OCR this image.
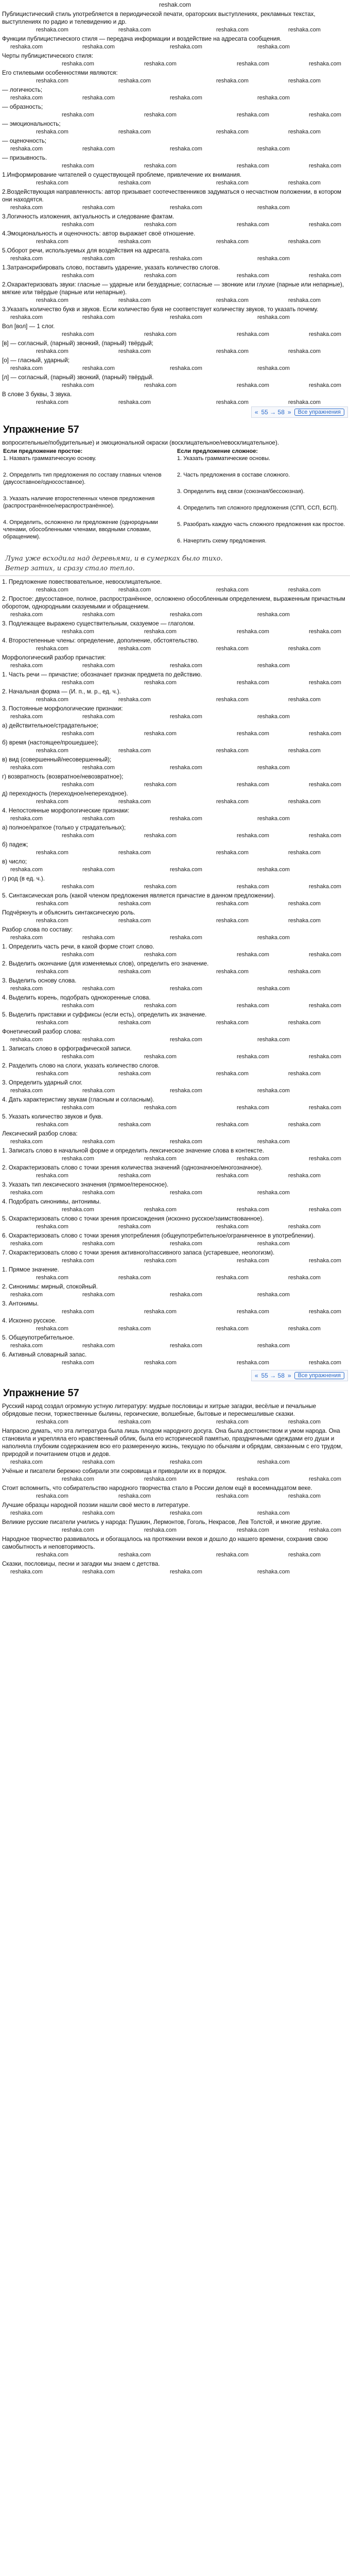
reshak.com
Публицистический стиль употребляется в периодической печати, ораторских выступлениях, рекламных текстах, выступлениях по радио и телевидению и др.
reshaka.com	reshaka.com	reshaka.com	reshaka.com
Функции публицистического стиля — передача информации и воздействие на адресата сообщения.
reshaka.com	reshaka.com	reshaka.com	reshaka.com
Черты публицистического стиля:
reshaka.com	reshaka.com	reshaka.com	reshaka.com
Его стилевыми особенностями являются:
reshaka.com	reshaka.com	reshaka.com	reshaka.com
— логичность;
reshaka.com	reshaka.com	reshaka.com	reshaka.com
— образность;
reshaka.com	reshaka.com	reshaka.com	reshaka.com
— эмоциональность;
reshaka.com	reshaka.com	reshaka.com	reshaka.com
— оценочность;
reshaka.com	reshaka.com	reshaka.com	reshaka.com
— призывность.
reshaka.com	reshaka.com	reshaka.com	reshaka.com
1.Информирование читателей о существующей проблеме, привлечение их внимания.
reshaka.com	reshaka.com	reshaka.com	reshaka.com
2.Воздействующая направленность: автор призывает соотечественников задуматься о несчастном положении, в котором они находятся.
reshaka.com	reshaka.com	reshaka.com	reshaka.com
3.Логичность изложения, актуальность и следование фактам.
reshaka.com	reshaka.com	reshaka.com	reshaka.com
4.Эмоциональность и оценочность: автор выражает своё отношение.
reshaka.com	reshaka.com	reshaka.com	reshaka.com
5.Оборот речи, используемых для воздействия на адресата.
reshaka.com	reshaka.com	reshaka.com	reshaka.com
1.Затранскрибировать слово, поставить ударение, указать количество слогов.
reshaka.com	reshaka.com	reshaka.com	reshaka.com
2.Охарактеризовать звуки: гласные — ударные или безударные; согласные — звонкие или глухие (парные или непарные), мягкие или твёрдые (парные или непарные).
reshaka.com	reshaka.com	reshaka.com	reshaka.com
3.Указать количество букв и звуков. Если количество букв не соответствует количеству звуков, то указать почему.
reshaka.com	reshaka.com	reshaka.com	reshaka.com
Вол [вол] — 1 слог.
reshaka.com	reshaka.com	reshaka.com	reshaka.com
[в] — согласный, (парный) звонкий, (парный) твёрдый;
reshaka.com	reshaka.com	reshaka.com	reshaka.com
[о] — гласный, ударный;
reshaka.com	reshaka.com	reshaka.com	reshaka.com
[л] — согласный, (парный) звонкий, (парный) твёрдый.
reshaka.com	reshaka.com	reshaka.com	reshaka.com
В слове 3 буквы, 3 звука.
reshaka.com	reshaka.com	reshaka.com	reshaka.com
« 55 → 58 »	Все упражнения
Упражнение 57
вопросительные/побудительные) и эмоциональной окраски (восклицательное/невосклицательное).
Если предложение простое:
1. Назвать грамматическую основу.
2. Определить тип предложения по составу главных членов (двусоставное/односоставное).
3. Указать наличие второстепенных членов предложения (распространённое/нераспространённое).
4. Определить, осложнено ли предложение (однородными членами, обособленными членами, вводными словами, обращением).
Если предложение сложное:
1. Указать грамматические основы.
2. Часть предложения в составе сложного.
3. Определить вид связи (союзная/бессоюзная).
4. Определить тип сложного предложения (СПП, ССП, БСП).
5. Разобрать каждую часть сложного предложения как простое.
6. Начертить схему предложения.
Луна уже всходила над деревьями, и в сумерках было тихо.
Ветер затих, и сразу стало тепло.
1. Предложение повествовательное, невосклицательное.
reshaka.com	reshaka.com	reshaka.com	reshaka.com
2. Простое: двусоставное, полное, распространённое, осложнено обособленным определением, выраженным причастным оборотом, однородными сказуемыми и обращением.
reshaka.com	reshaka.com	reshaka.com	reshaka.com
3. Подлежащее выражено существительным, сказуемое — глаголом.
reshaka.com	reshaka.com	reshaka.com	reshaka.com
4. Второстепенные члены: определение, дополнение, обстоятельство.
reshaka.com	reshaka.com	reshaka.com	reshaka.com
Морфологический разбор причастия:
reshaka.com	reshaka.com	reshaka.com	reshaka.com
1. Часть речи — причастие; обозначает признак предмета по действию.
reshaka.com	reshaka.com	reshaka.com	reshaka.com
2. Начальная форма — (И. п., м. р., ед. ч.).
reshaka.com	reshaka.com	reshaka.com	reshaka.com
3. Постоянные морфологические признаки:
reshaka.com	reshaka.com	reshaka.com	reshaka.com
а) действительное/страдательное;
reshaka.com	reshaka.com	reshaka.com	reshaka.com
б) время (настоящее/прошедшее);
reshaka.com	reshaka.com	reshaka.com	reshaka.com
в) вид (совершенный/несовершенный);
reshaka.com	reshaka.com	reshaka.com	reshaka.com
г) возвратность (возвратное/невозвратное);
reshaka.com	reshaka.com	reshaka.com	reshaka.com
д) переходность (переходное/непереходное).
reshaka.com	reshaka.com	reshaka.com	reshaka.com
4. Непостоянные морфологические признаки:
reshaka.com	reshaka.com	reshaka.com	reshaka.com
а) полное/краткое (только у страдательных);
reshaka.com	reshaka.com	reshaka.com	reshaka.com
б) падеж;
reshaka.com	reshaka.com	reshaka.com	reshaka.com
в) число;
reshaka.com	reshaka.com	reshaka.com	reshaka.com
г) род (в ед. ч.).
reshaka.com	reshaka.com	reshaka.com	reshaka.com
5. Синтаксическая роль (какой членом предложения является причастие в данном предложении).
reshaka.com	reshaka.com	reshaka.com	reshaka.com
Подчёркнуть и объяснить синтаксическую роль.
reshaka.com	reshaka.com	reshaka.com	reshaka.com
Разбор слова по составу:
reshaka.com	reshaka.com	reshaka.com	reshaka.com
1. Определить часть речи, в какой форме стоит слово.
reshaka.com	reshaka.com	reshaka.com	reshaka.com
2. Выделить окончание (для изменяемых слов), определить его значение.
reshaka.com	reshaka.com	reshaka.com	reshaka.com
3. Выделить основу слова.
reshaka.com	reshaka.com	reshaka.com	reshaka.com
4. Выделить корень, подобрать однокоренные слова.
reshaka.com	reshaka.com	reshaka.com	reshaka.com
5. Выделить приставки и суффиксы (если есть), определить их значение.
reshaka.com	reshaka.com	reshaka.com	reshaka.com
Фонетический разбор слова:
reshaka.com	reshaka.com	reshaka.com	reshaka.com
1. Записать слово в орфографической записи.
reshaka.com	reshaka.com	reshaka.com	reshaka.com
2. Разделить слово на слоги, указать количество слогов.
reshaka.com	reshaka.com	reshaka.com	reshaka.com
3. Определить ударный слог.
reshaka.com	reshaka.com	reshaka.com	reshaka.com
4. Дать характеристику звукам (гласным и согласным).
reshaka.com	reshaka.com	reshaka.com	reshaka.com
5. Указать количество звуков и букв.
reshaka.com	reshaka.com	reshaka.com	reshaka.com
Лексический разбор слова:
reshaka.com	reshaka.com	reshaka.com	reshaka.com
1. Записать слово в начальной форме и определить лексическое значение слова в контексте.
reshaka.com	reshaka.com	reshaka.com	reshaka.com
2. Охарактеризовать слово с точки зрения количества значений (однозначное/многозначное).
reshaka.com	reshaka.com	reshaka.com	reshaka.com
3. Указать тип лексического значения (прямое/переносное).
reshaka.com	reshaka.com	reshaka.com	reshaka.com
4. Подобрать синонимы, антонимы.
reshaka.com	reshaka.com	reshaka.com	reshaka.com
5. Охарактеризовать слово с точки зрения происхождения (исконно русское/заимствованное).
reshaka.com	reshaka.com	reshaka.com	reshaka.com
6. Охарактеризовать слово с точки зрения употребления (общеупотребительное/ограниченное в употреблении).
reshaka.com	reshaka.com	reshaka.com	reshaka.com
7. Охарактеризовать слово с точки зрения активного/пассивного запаса (устаревшее, неологизм).
reshaka.com	reshaka.com	reshaka.com	reshaka.com
1. Прямое значение.
reshaka.com	reshaka.com	reshaka.com	reshaka.com
2. Синонимы: мирный, спокойный.
reshaka.com	reshaka.com	reshaka.com	reshaka.com
3. Антонимы.
reshaka.com	reshaka.com	reshaka.com	reshaka.com
4. Исконно русское.
reshaka.com	reshaka.com	reshaka.com	reshaka.com
5. Общеупотребительное.
reshaka.com	reshaka.com	reshaka.com	reshaka.com
6. Активный словарный запас.
reshaka.com	reshaka.com	reshaka.com	reshaka.com
« 55 → 58 »	Все упражнения
Упражнение 57
Русский народ создал огромную устную литературу: мудрые пословицы и хитрые загадки, весёлые и печальные обрядовые песни, торжественные былины, героические, волшебные, бытовые и пересмешливые сказки.
reshaka.com	reshaka.com	reshaka.com	reshaka.com
Напрасно думать, что эта литература была лишь плодом народного досуга. Она была достоинством и умом народа. Она становила и укрепляла его нравственный облик, была его исторической памятью, праздничными одеждами его души и наполняла глубоким содержанием всю его размеренную жизнь, текущую по обычаям и обрядам, связанным с его трудом, природой и почитанием отцов и дедов.
reshaka.com	reshaka.com	reshaka.com	reshaka.com
Учёные и писатели бережно собирали эти сокровища и приводили их в порядок.
reshaka.com	reshaka.com	reshaka.com	reshaka.com
Стоит вспомнить, что собирательство народного творчества стало в России делом ещё в восемнадцатом веке.
reshaka.com	reshaka.com	reshaka.com	reshaka.com
Лучшие образцы народной поэзии нашли своё место в литературе.
reshaka.com	reshaka.com	reshaka.com	reshaka.com
Великие русские писатели учились у народа: Пушкин, Лермонтов, Гоголь, Некрасов, Лев Толстой, и многие другие.
reshaka.com	reshaka.com	reshaka.com	reshaka.com
Народное творчество развивалось и обогащалось на протяжении веков и дошло до нашего времени, сохранив свою самобытность и неповторимость.
reshaka.com	reshaka.com	reshaka.com	reshaka.com
Сказки, пословицы, песни и загадки мы знаем с детства.
reshaka.com	reshaka.com	reshaka.com	reshaka.com
